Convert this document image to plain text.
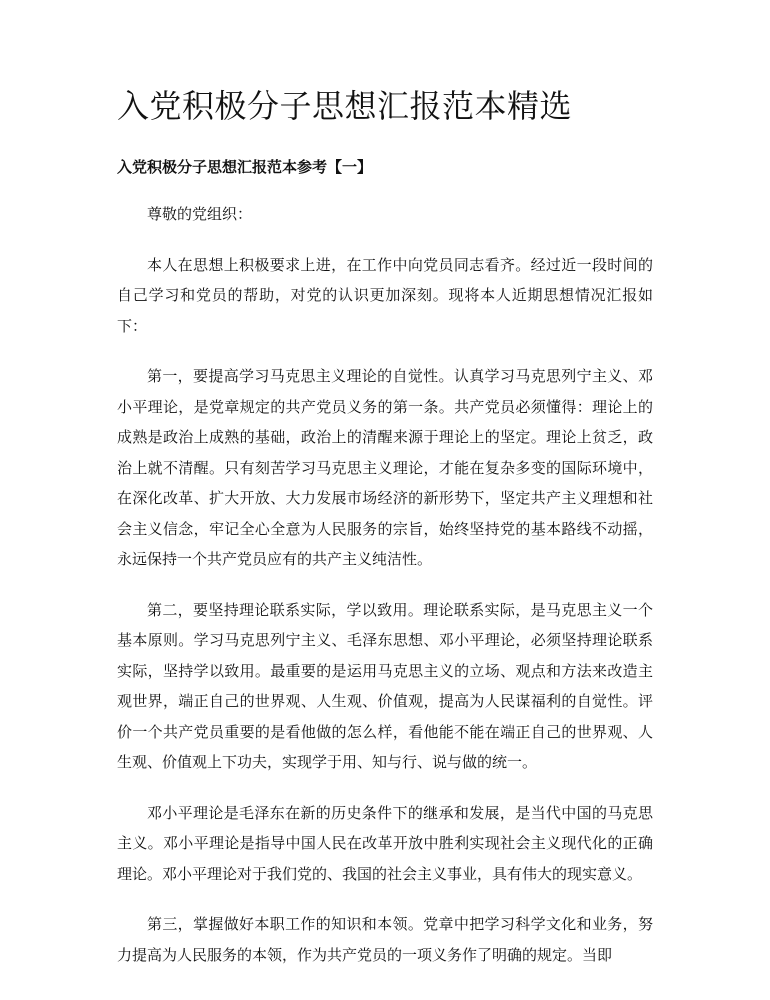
入党积极分子思想汇报范本精选
入党积极分子思想汇报范本参考【一】

尊敬的党组织：

本人在思想上积极要求上进，在工作中向党员同志看齐。经过近一段时间的自己学习和党员的帮助，对党的认识更加深刻。现将本人近期思想情况汇报如下：

第一，要提高学习马克思主义理论的自觉性。认真学习马克思列宁主义、邓小平理论，是党章规定的共产党员义务的第一条。共产党员必须懂得：理论上的成熟是政治上成熟的基础，政治上的清醒来源于理论上的坚定。理论上贫乏，政治上就不清醒。只有刻苦学习马克思主义理论，才能在复杂多变的国际环境中，在深化改革、扩大开放、大力发展市场经济的新形势下，坚定共产主义理想和社会主义信念，牢记全心全意为人民服务的宗旨，始终坚持党的基本路线不动摇，永远保持一个共产党员应有的共产主义纯洁性。

第二，要坚持理论联系实际，学以致用。理论联系实际，是马克思主义一个基本原则。学习马克思列宁主义、毛泽东思想、邓小平理论，必须坚持理论联系实际，坚持学以致用。最重要的是运用马克思主义的立场、观点和方法来改造主观世界，端正自己的世界观、人生观、价值观，提高为人民谋福利的自觉性。评价一个共产党员重要的是看他做的怎么样，看他能不能在端正自己的世界观、人生观、价值观上下功夫，实现学于用、知与行、说与做的统一。

邓小平理论是毛泽东在新的历史条件下的继承和发展，是当代中国的马克思主义。邓小平理论是指导中国人民在改革开放中胜利实现社会主义现代化的正确理论。邓小平理论对于我们党的、我国的社会主义事业，具有伟大的现实意义。

第三，掌握做好本职工作的知识和本领。党章中把学习科学文化和业务，努力提高为人民服务的本领，作为共产党员的一项义务作了明确的规定。当即
